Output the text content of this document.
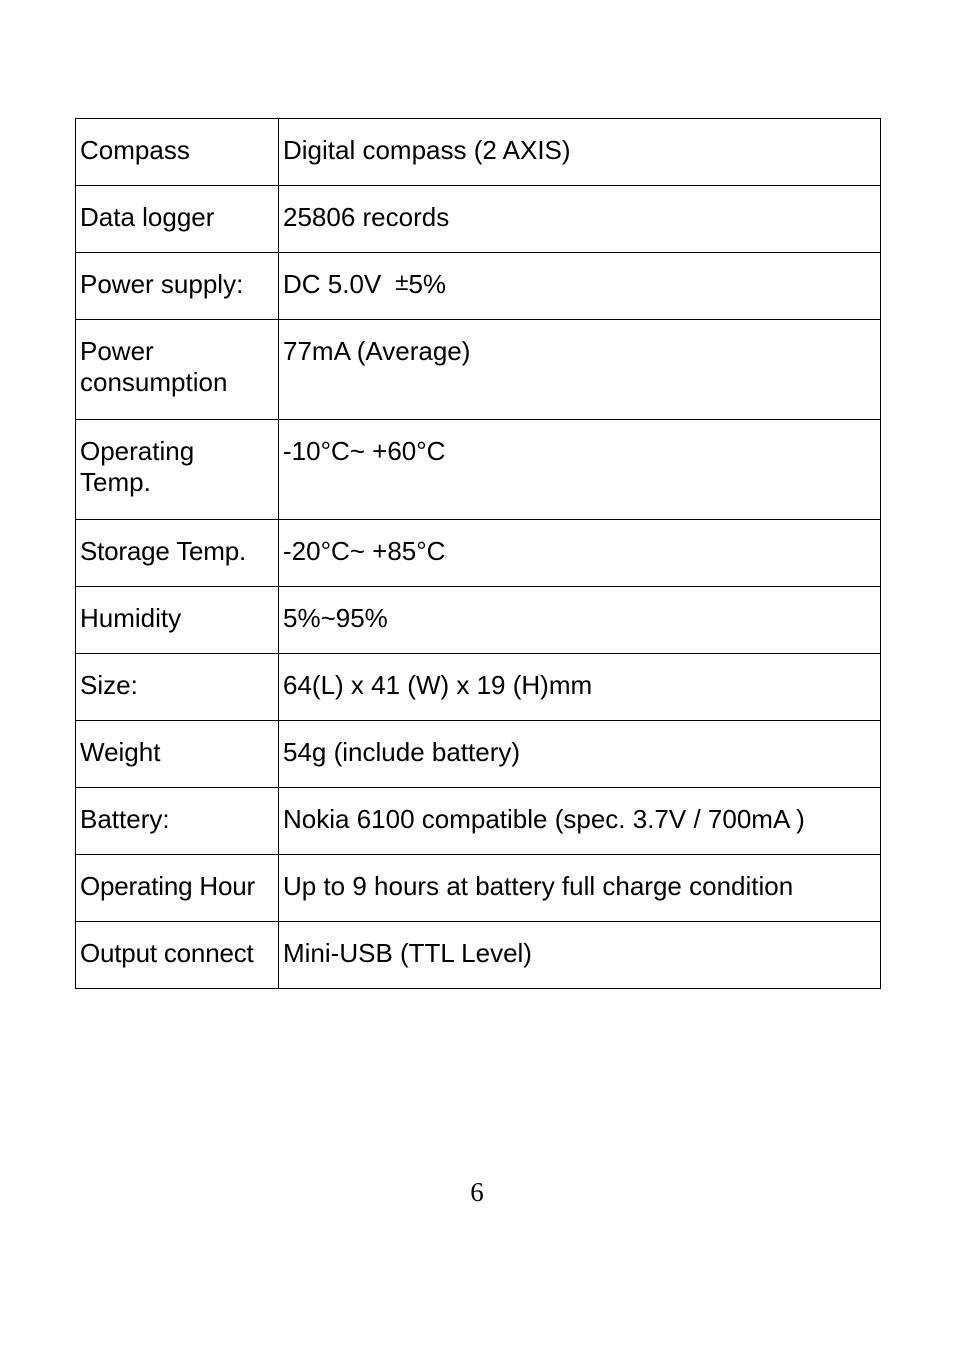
Compass	Digital compass (2 AXIS)
Data logger	25806 records
Power supply:	DC 5.0V ±5%
Power consumption	77mA (Average)
Operating Temp.	-10°C~ +60°C
Storage Temp.	-20°C~ +85°C
Humidity	5%~95%
Size:	64(L) x 41 (W) x 19 (H)mm
Weight	54g (include battery)
Battery:	Nokia 6100 compatible (spec. 3.7V / 700mA )
Operating Hour	Up to 9 hours at battery full charge condition
Output connect	Mini-USB (TTL Level)
6
